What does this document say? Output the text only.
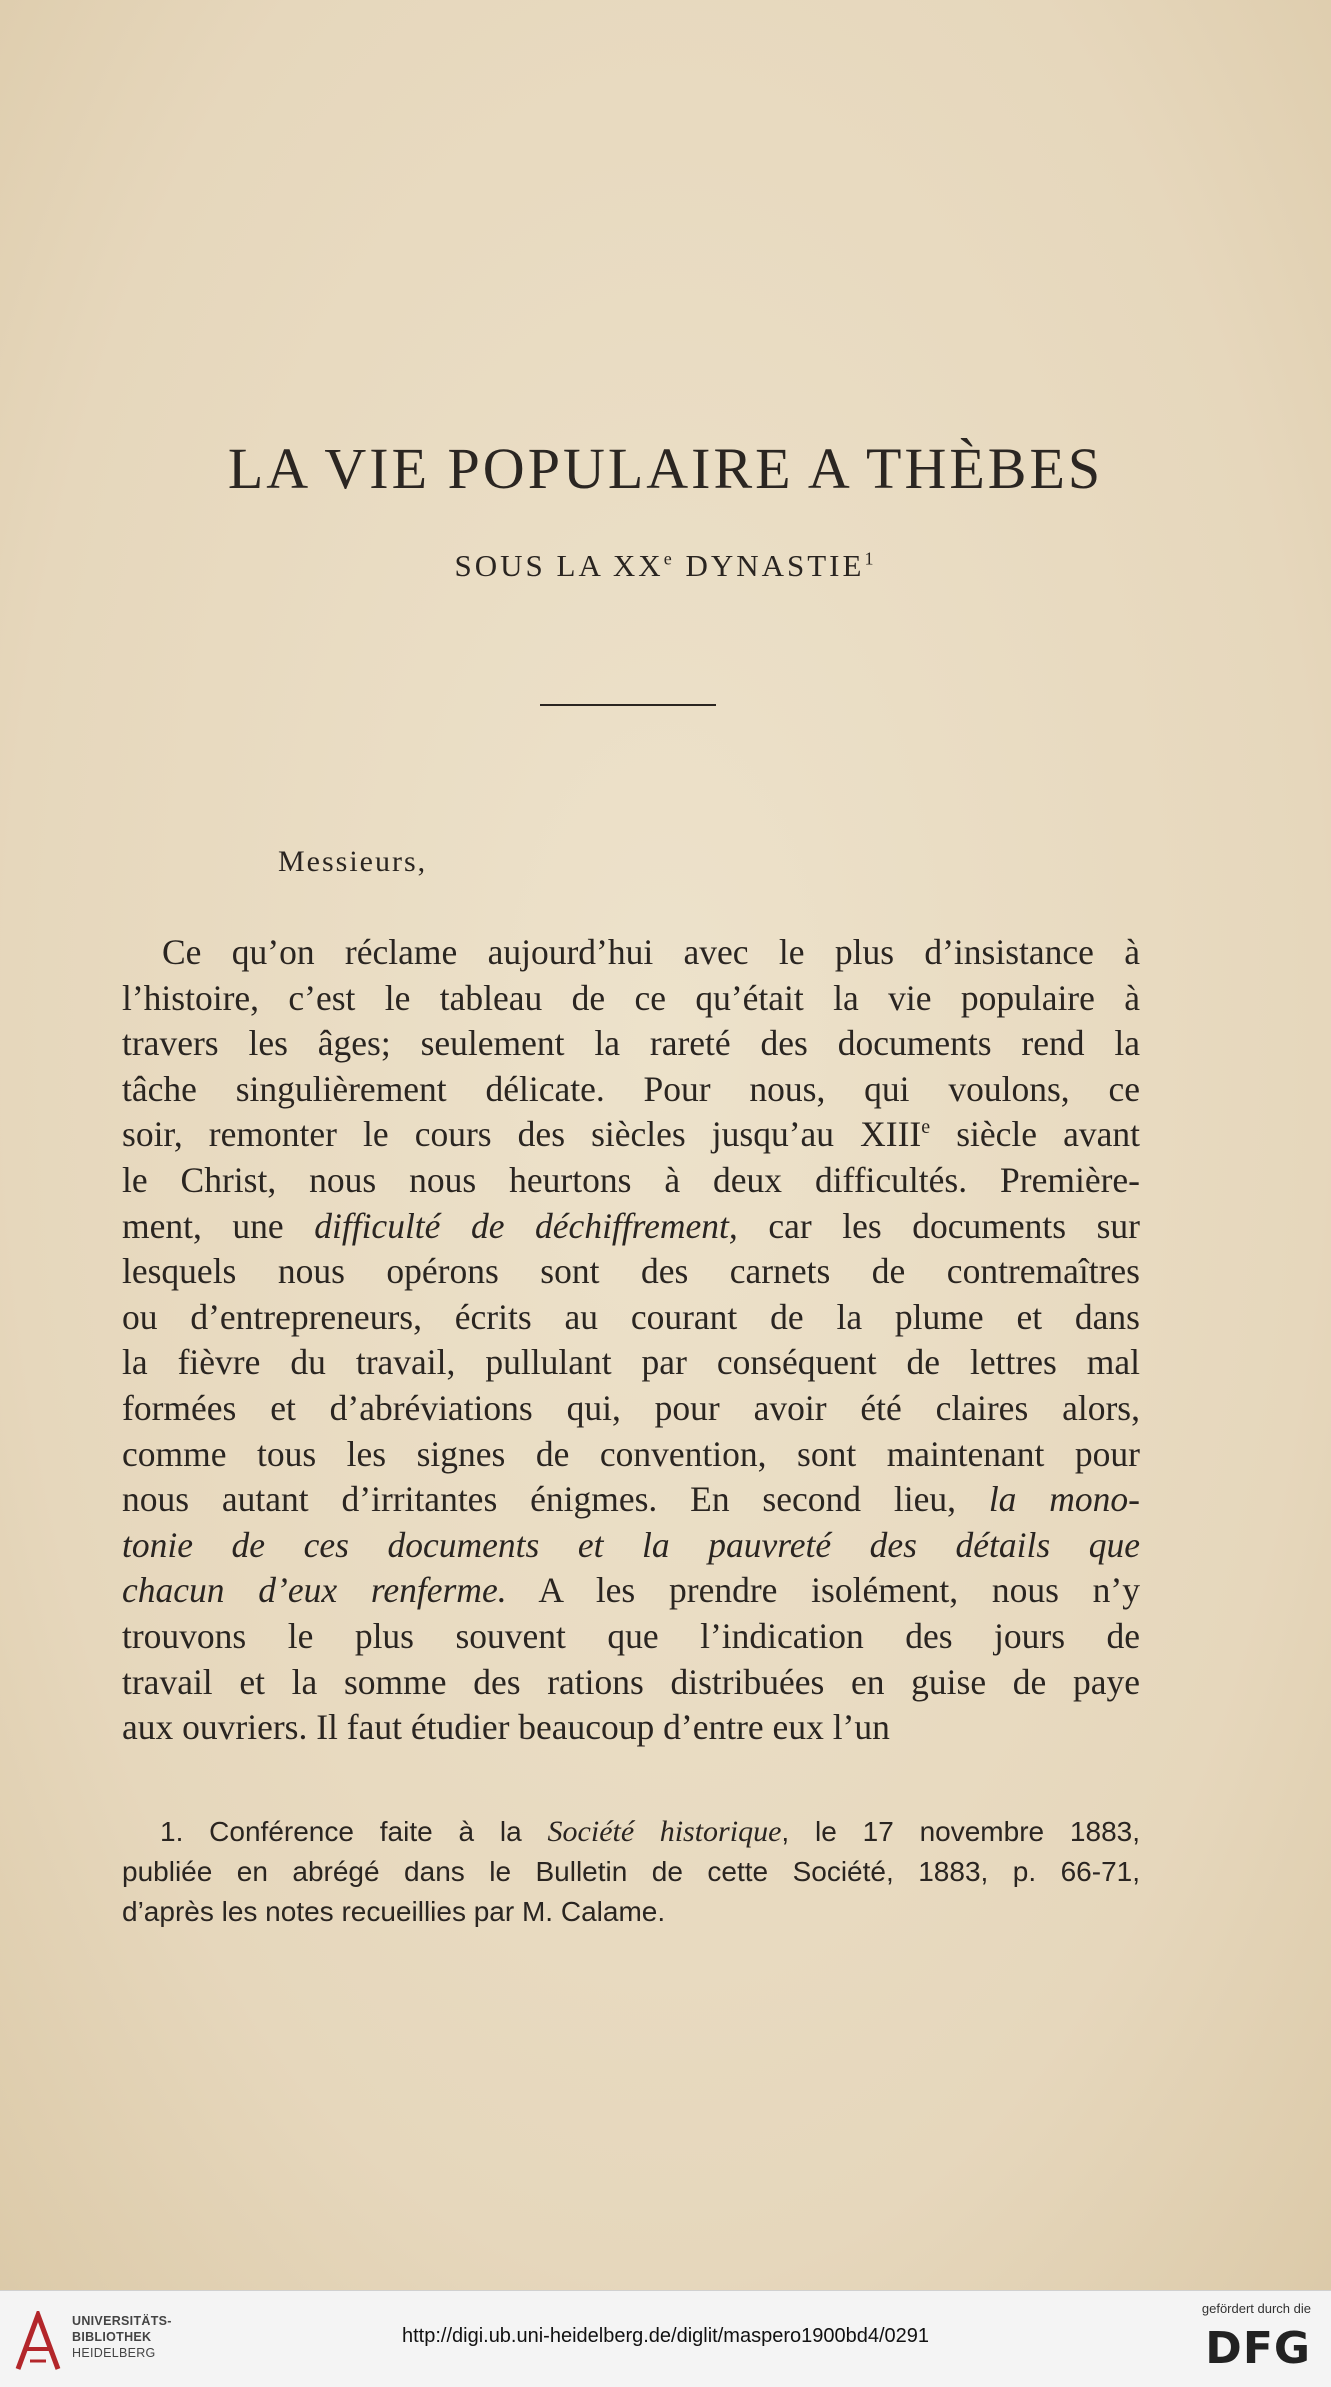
LA VIE POPULAIRE A THÈBES
SOUS LA XXe DYNASTIE$^1$
Messieurs,
Ce qu’on réclame aujourd’hui avec le plus d’insistance à
l’histoire, c’est le tableau de ce qu’était la vie populaire à
travers les âges; seulement la rareté des documents rend la
tâche singulièrement délicate. Pour nous, qui voulons, ce
soir, remonter le cours des siècles jusqu’au XIIIe siècle avant
le Christ, nous nous heurtons à deux difficultés. Première-
ment, une difficulté de déchiffrement, car les documents sur
lesquels nous opérons sont des carnets de contremaîtres
ou d’entrepreneurs, écrits au courant de la plume et dans
la fièvre du travail, pullulant par conséquent de lettres mal
formées et d’abréviations qui, pour avoir été claires alors,
comme tous les signes de convention, sont maintenant pour
nous autant d’irritantes énigmes. En second lieu, la mono-
tonie de ces documents et la pauvreté des détails que
chacun d’eux renferme. A les prendre isolément, nous n’y
trouvons le plus souvent que l’indication des jours de
travail et la somme des rations distribuées en guise de paye
aux ouvriers. Il faut étudier beaucoup d’entre eux l’un
1. Conférence faite à la Société historique, le 17 novembre 1883,
publiée en abrégé dans le Bulletin de cette Société, 1883, p. 66-71,
d’après les notes recueillies par M. Calame.
UNIVERSITÄTS-
BIBLIOTHEK
HEIDELBERG
http://digi.ub.uni-heidelberg.de/diglit/maspero1900bd4/0291
gefördert durch die
DFG
